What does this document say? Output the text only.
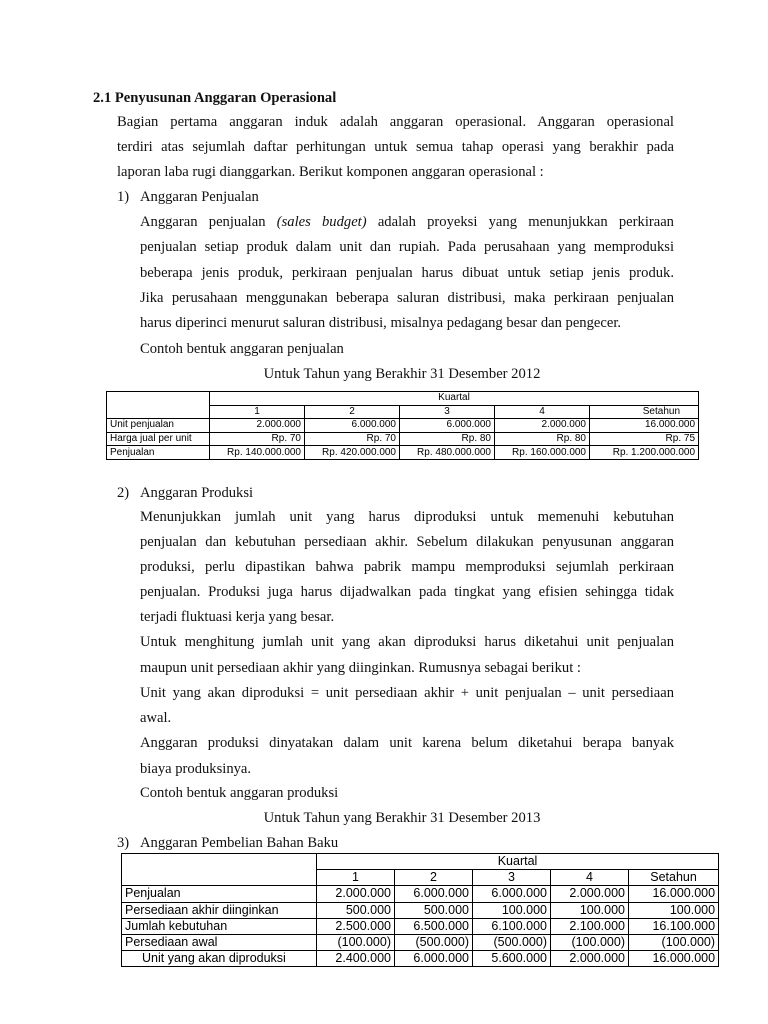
2.1 Penyusunan Anggaran Operasional
Bagian pertama anggaran induk adalah anggaran operasional. Anggaran operasional
terdiri atas sejumlah daftar perhitungan untuk semua tahap operasi yang berakhir pada
laporan laba rugi dianggarkan. Berikut komponen anggaran operasional :
1) Anggaran Penjualan
Anggaran penjualan (sales budget) adalah proyeksi yang menunjukkan perkiraan
penjualan setiap produk dalam unit dan rupiah. Pada perusahaan yang memproduksi
beberapa jenis produk, perkiraan penjualan harus dibuat untuk setiap jenis produk.
Jika perusahaan menggunakan beberapa saluran distribusi, maka perkiraan penjualan
harus diperinci menurut saluran distribusi, misalnya pedagang besar dan pengecer.
Contoh bentuk anggaran penjualan
Untuk Tahun yang Berakhir 31 Desember 2012
	Kuartal				
	1	2	3	4	Setahun
Unit penjualan	2.000.000	6.000.000	6.000.000	2.000.000	16.000.000
Harga jual per unit	Rp. 70	Rp. 70	Rp. 80	Rp. 80	Rp. 75
Penjualan	Rp. 140.000.000	Rp. 420.000.000	Rp. 480.000.000	Rp. 160.000.000	Rp. 1.200.000.000
2) Anggaran Produksi
Menunjukkan jumlah unit yang harus diproduksi untuk memenuhi kebutuhan
penjualan dan kebutuhan persediaan akhir. Sebelum dilakukan penyusunan anggaran
produksi, perlu dipastikan bahwa pabrik mampu memproduksi sejumlah perkiraan
penjualan. Produksi juga harus dijadwalkan pada tingkat yang efisien sehingga tidak
terjadi fluktuasi kerja yang besar.
Untuk menghitung jumlah unit yang akan diproduksi harus diketahui unit penjualan
maupun unit persediaan akhir yang diinginkan. Rumusnya sebagai berikut :
Unit yang akan diproduksi = unit persediaan akhir + unit penjualan – unit persediaan
awal.
Anggaran produksi dinyatakan dalam unit karena belum diketahui berapa banyak
biaya produksinya.
Contoh bentuk anggaran produksi
Untuk Tahun yang Berakhir 31 Desember 2013
3) Anggaran Pembelian Bahan Baku
	Kuartal				
	1	2	3	4	Setahun
Penjualan	2.000.000	6.000.000	6.000.000	2.000.000	16.000.000
Persediaan akhir diinginkan	500.000	500.000	100.000	100.000	100.000
Jumlah kebutuhan	2.500.000	6.500.000	6.100.000	2.100.000	16.100.000
Persediaan awal	(100.000)	(500.000)	(500.000)	(100.000)	(100.000)
Unit yang akan diproduksi	2.400.000	6.000.000	5.600.000	2.000.000	16.000.000
